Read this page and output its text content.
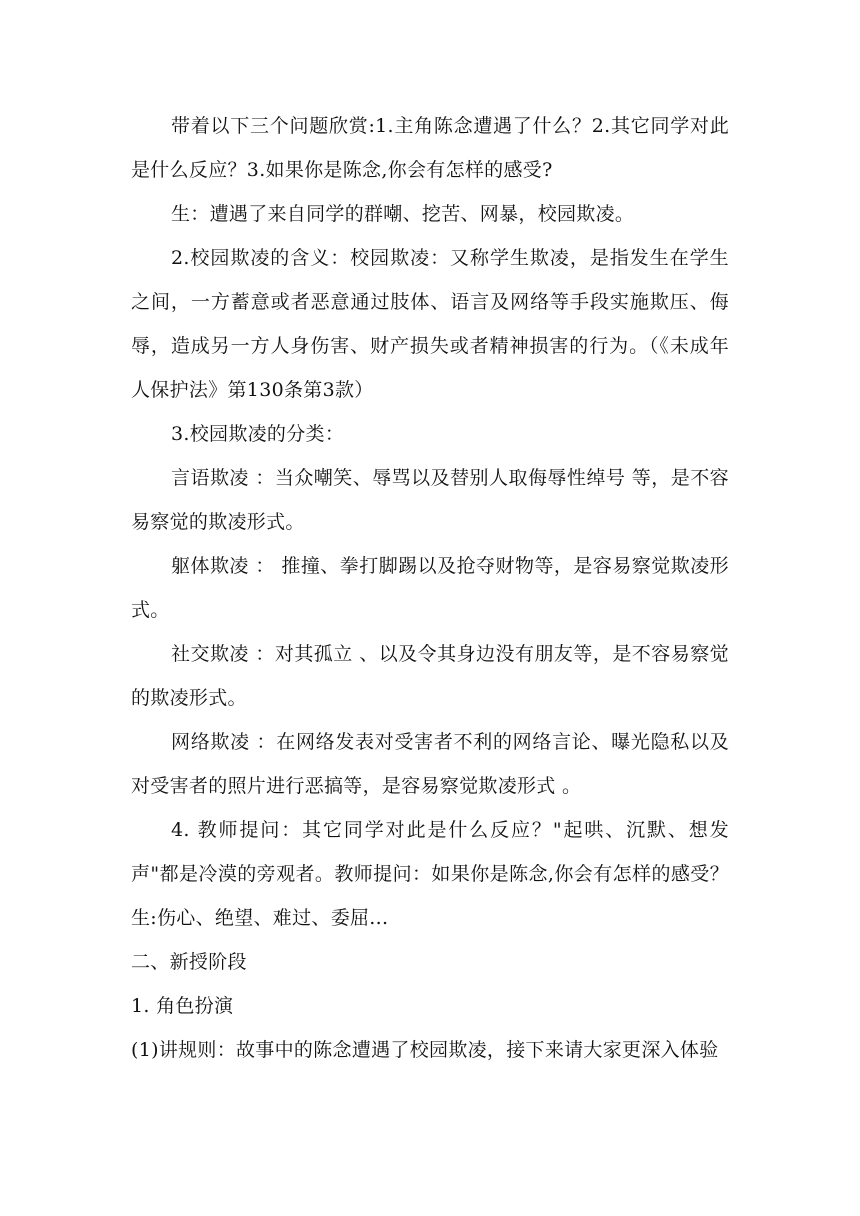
带着以下三个问题欣赏:1.主角陈念遭遇了什么？2.其它同学对此是什么反应？3.如果你是陈念,你会有怎样的感受?

生：遭遇了来自同学的群嘲、挖苦、网暴，校园欺凌。

2.校园欺凌的含义：校园欺凌：又称学生欺凌，是指发生在学生之间，一方蓄意或者恶意通过肢体、语言及网络等手段实施欺压、侮辱，造成另一方人身伤害、财产损失或者精神损害的行为。（《未成年人保护法》第130条第3款）

3.校园欺凌的分类：

言语欺凌 ：当众嘲笑、辱骂以及替别人取侮辱性绰号 等，是不容易察觉的欺凌形式。

躯体欺凌 ： 推撞、拳打脚踢以及抢夺财物等，是容易察觉欺凌形式。

社交欺凌 ：对其孤立 、以及令其身边没有朋友等，是不容易察觉的欺凌形式。

网络欺凌 ：在网络发表对受害者不利的网络言论、曝光隐私以及对受害者的照片进行恶搞等，是容易察觉欺凌形式 。

4. 教师提问：其它同学对此是什么反应？"起哄、沉默、想发声"都是冷漠的旁观者。教师提问：如果你是陈念,你会有怎样的感受？生:伤心、绝望、难过、委屈...

二、新授阶段

1. 角色扮演

(1)讲规则：故事中的陈念遭遇了校园欺凌，接下来请大家更深入体验
